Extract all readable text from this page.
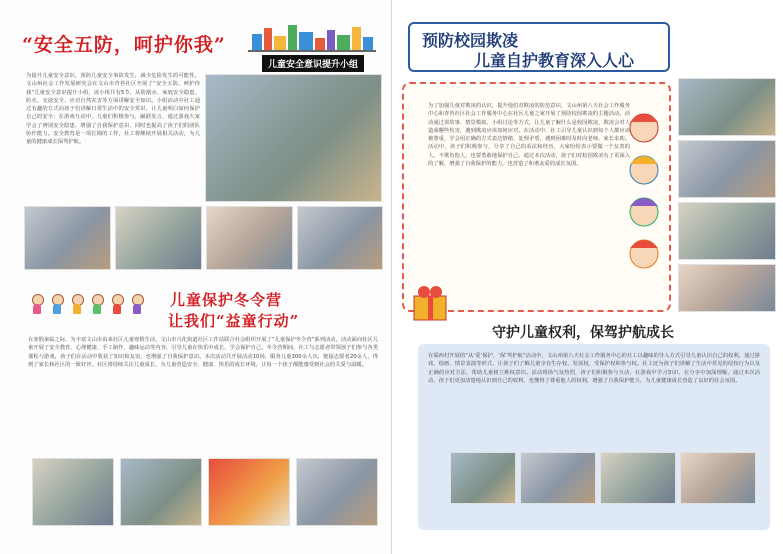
“安全五防，呵护你我”
儿童安全意识提升小组

为提升儿童安全意识，预防儿童安全事故发生，减少危险发生的可能性，文山州社会工作发展研究会在文山市青苔社区开展了“安全五防，呵护你我”儿童安全意识提升小组，该小组共有5节，从防溺水、家庭安全隐患、防火、交通安全、应对自然灾害等方面讲解安全知识。小组活动中社工通过有趣的方式向孩子们讲解日常生活中的安全常识，让儿童明白如何保护自己的安全；在游戏互动中，儿童们积极参与，踊跃发言，通过游戏大家学会了辨别安全隐患，增强了自我保护意识，同时也提高了孩子们的团队协作能力。安全教育是一项长期的工作，社工将继续开展相关活动，为儿童的健康成长保驾护航。

儿童保护冬令营
让我们“益童行动”

在寒假来临之际，为丰富文山市由来社区儿童寒假生活，文山市兴化街道社区工作站联合社会组织开展了“儿童保护冬令营”系列活动。活动面向社区儿童开展了安全教育、心理健康、手工制作、趣味运动等内容，引导儿童在快乐中成长，学会保护自己。冬令营期间，社工与志愿者带领孩子们参与各类课程与游戏，孩子们在活动中收获了知识和友谊，也增强了自我保护意识。本次活动共开展活动10场，服务儿童300余人次，链接志愿者20余人，得到了家长和社区的一致好评。社区将持续关注儿童成长，为儿童营造安全、健康、快乐的成长环境，让每一个孩子都能感受到社会的关爱与温暖。

预防校园欺凌
儿童自护教育深入人心

为了加强儿童对欺凌的认识，提升他们对欺凌的防范意识，文山州第八天社会工作服务中心和青苔社区社会工作服务中心在社区儿童之家开展了预防校园欺凌的主题活动。活动通过讲故事、情景模拟、小组讨论等方式，让儿童了解什么是校园欺凌，欺凌会对人造成哪些伤害，遇到欺凌应该如何应对。在活动中，社工引导儿童认识到每个人都应该被尊重，学会用正确的方式表达情绪、处理矛盾，遇到困难时及时向老师、家长求助。活动中，孩子们积极参与，分享了自己的看法和经历，大家纷纷表示要做一个友善的人，不欺负他人，也要勇敢地保护自己。通过本次活动，孩子们对校园欺凌有了更深入的了解，增强了自我保护的能力，也营造了和谐友爱的成长氛围。

守护儿童权利，保驾护航成长

在儒西村开展的“从‘爱’保护，‘保’驾护航”活动中，文山州第八天社会工作服务中心的社工以趣味的导入方式引导儿童认识自己的权利，通过游戏、绘画、情景表演等形式，让孩子们了解儿童享有生存权、发展权、受保护权和参与权。社工还为孩子们讲解了生活中常见的侵权行为以及正确的应对方法，帮助儿童树立维权意识。活动现场气氛热烈，孩子们积极参与互动，在游戏中学习知识，在分享中加深理解。通过本次活动，孩子们更加清楚地认识到自己的权利，也懂得了尊重他人的权利，增强了自我保护能力，为儿童健康成长营造了良好的社会氛围。
